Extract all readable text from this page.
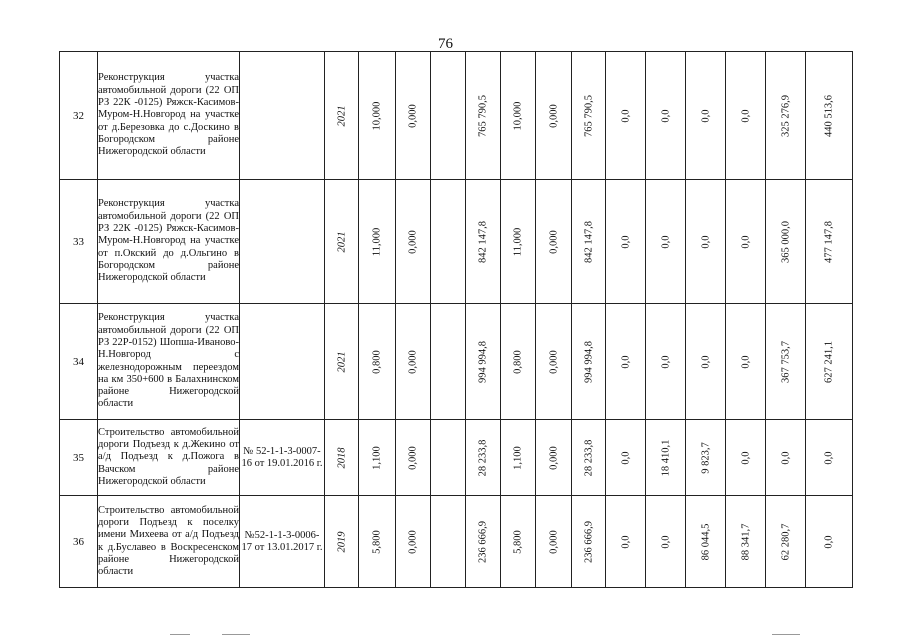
76
32	Реконструкция участка автомобильной дороги (22 ОП РЗ 22К -0125) Ряжск-Касимов-Муром-Н.Новгород на участке от д.Березовка до с.Доскино в Богородском районе Нижегородской области		2021	10,000	0,000		765 790,5	10,000	0,000	765 790,5	0,0	0,0	0,0	0,0	325 276,9	440 513,6

33	Реконструкция участка автомобильной дороги (22 ОП РЗ 22К -0125) Ряжск-Касимов-Муром-Н.Новгород на участке от п.Окский до д.Ольгино в Богородском районе Нижегородской области		2021	11,000	0,000		842 147,8	11,000	0,000	842 147,8	0,0	0,0	0,0	0,0	365 000,0	477 147,8

34	Реконструкция участка автомобильной дороги (22 ОП РЗ 22Р-0152) Шопша-Иваново-Н.Новгород с железнодорожным переездом на км 350+600 в Балахнинском районе Нижегородской области		2021	0,800	0,000		994 994,8	0,800	0,000	994 994,8	0,0	0,0	0,0	0,0	367 753,7	627 241,1

35	Строительство автомобильной дороги Подъезд к д.Жекино от а/д Подъезд к д.Пожога в Вачском районе Нижегородской области	№ 52-1-1-3-0007-16 от 19.01.2016 г.	2018	1,100	0,000		28 233,8	1,100	0,000	28 233,8	0,0	18 410,1	9 823,7	0,0	0,0	0,0

36	Строительство автомобильной дороги Подъезд к поселку имени Михеева от а/д Подъезд к д.Буславео в Воскресенском районе Нижегородской области	№52-1-1-3-0006-17 от 13.01.2017 г.	2019	5,800	0,000		236 666,9	5,800	0,000	236 666,9	0,0	0,0	86 044,5	88 341,7	62 280,7	0,0
